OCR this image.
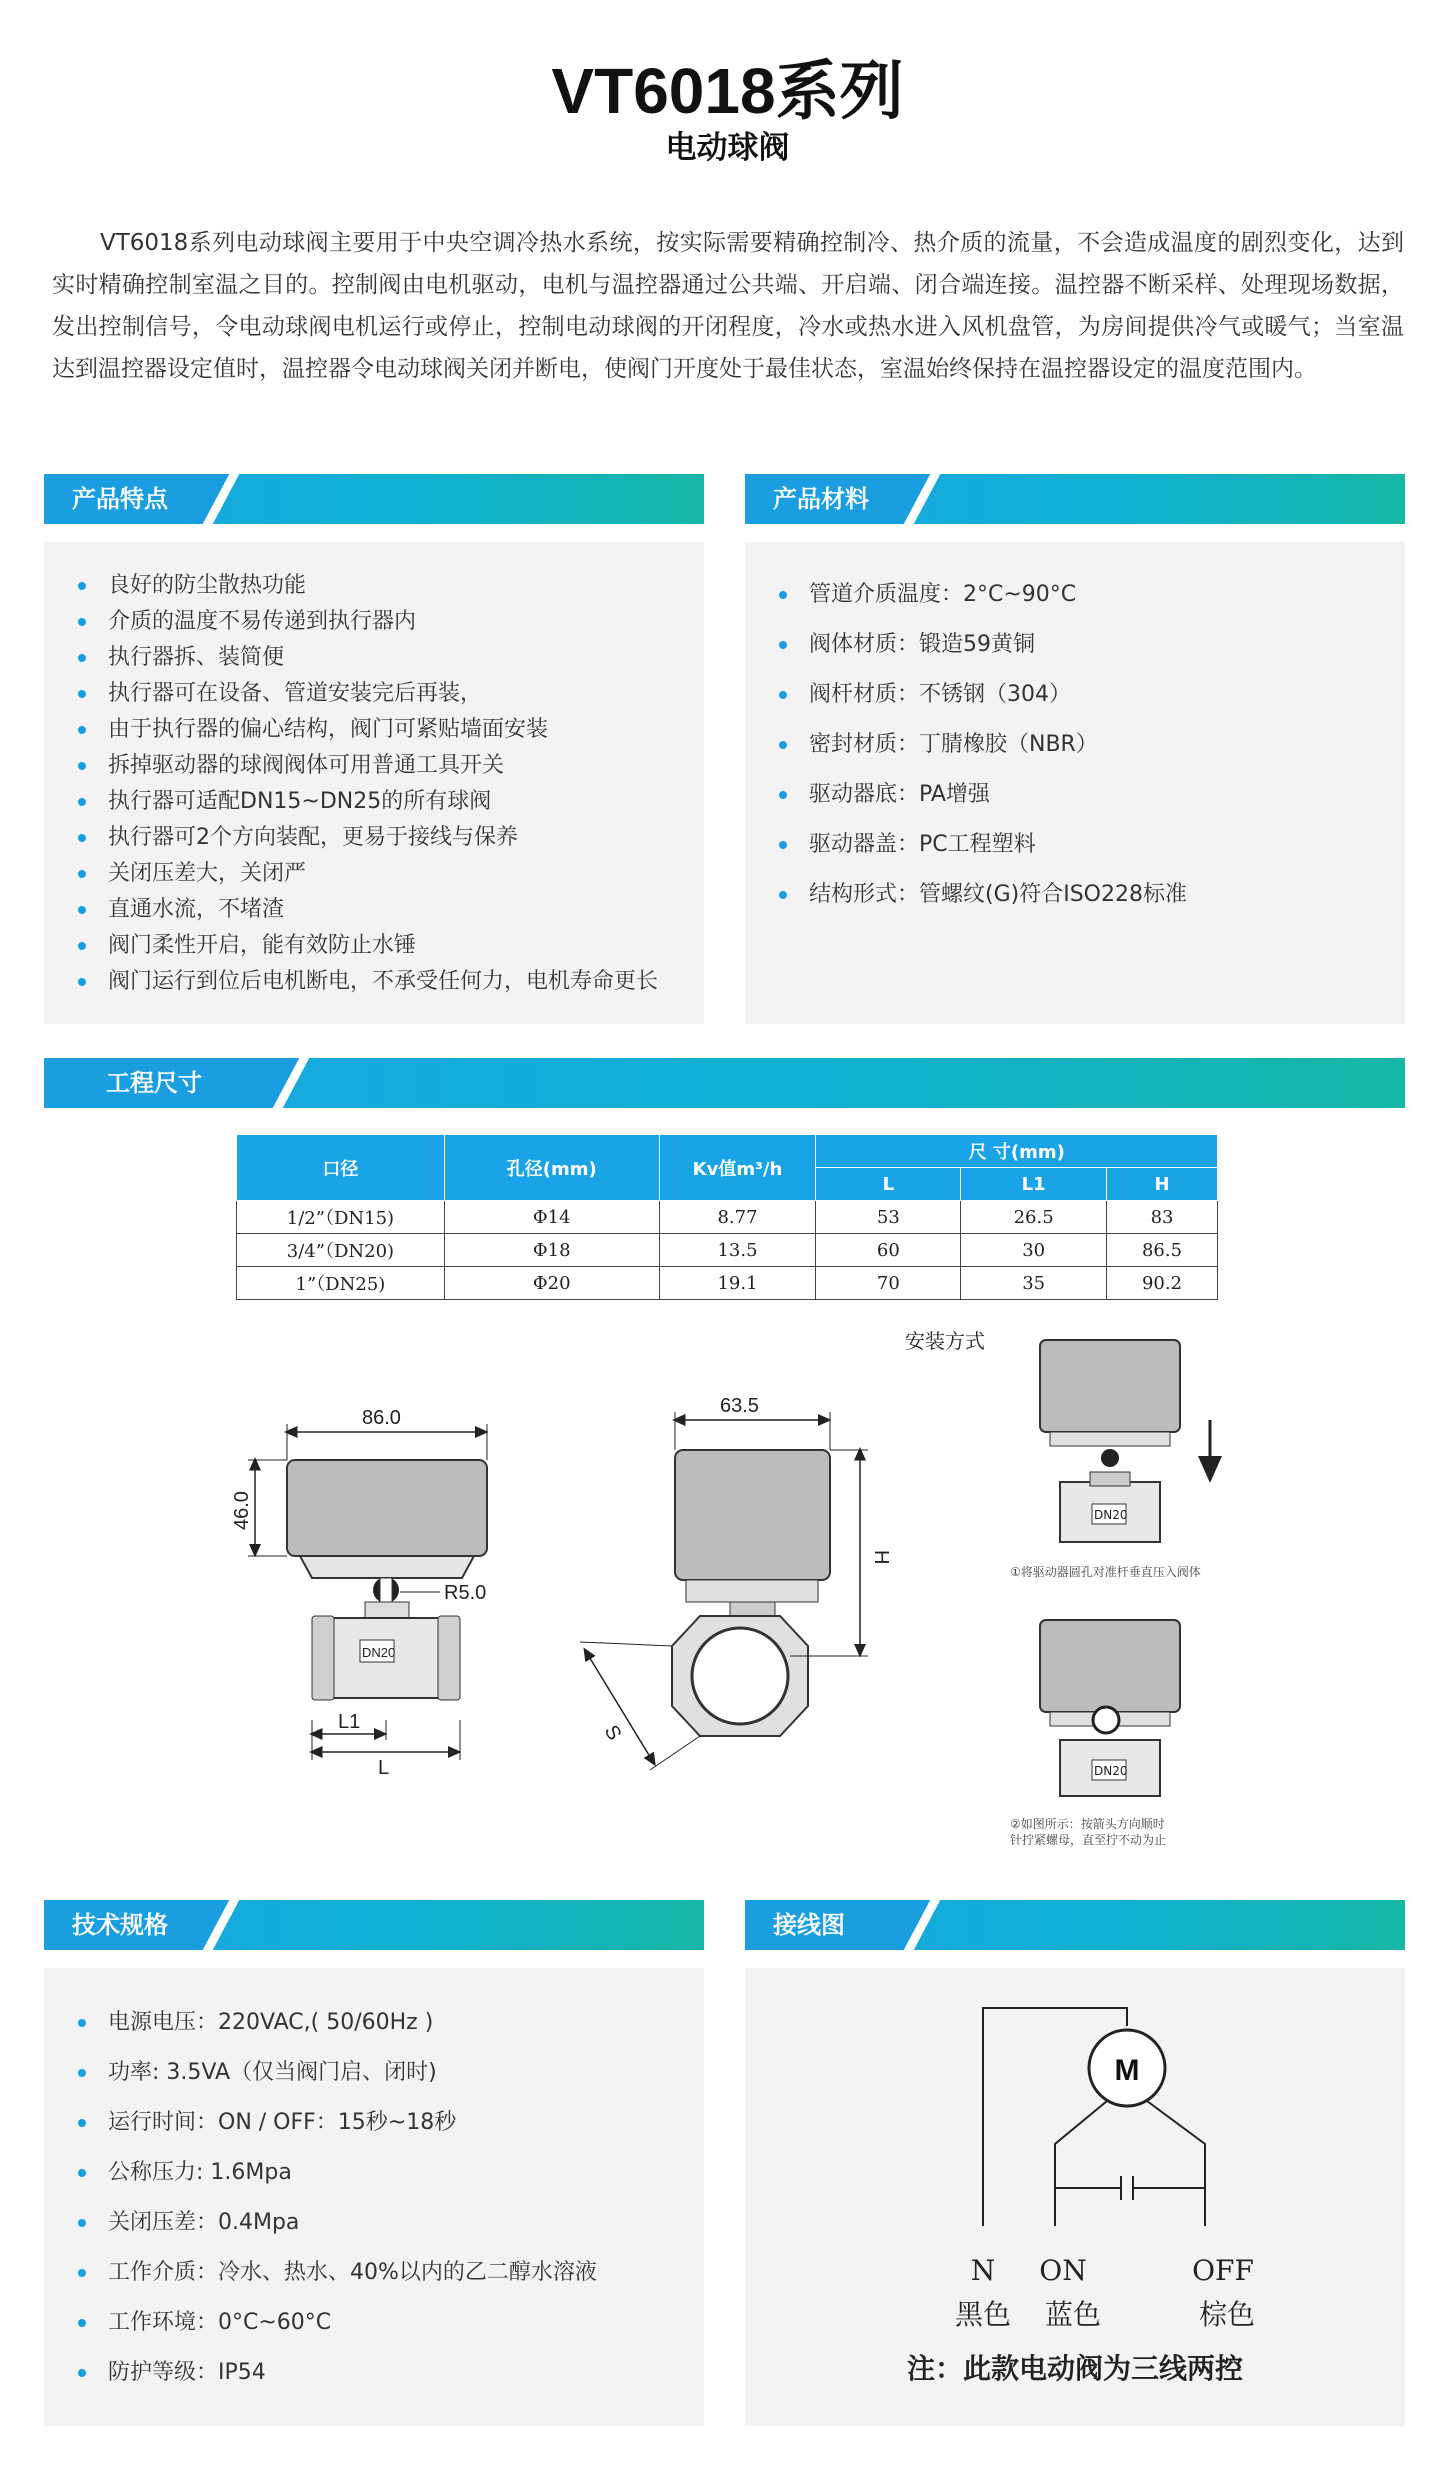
VT6018系列
电动球阀
VT6018系列电动球阀主要用于中央空调冷热水系统，按实际需要精确控制冷、热介质的流量，不会造成温度的剧烈变化，达到实时精确控制室温之目的。控制阀由电机驱动，电机与温控器通过公共端、开启端、闭合端连接。温控器不断采样、处理现场数据，发出控制信号，令电动球阀电机运行或停止，控制电动球阀的开闭程度，冷水或热水进入风机盘管，为房间提供冷气或暖气；当室温达到温控器设定值时，温控器令电动球阀关闭并断电，使阀门开度处于最佳状态，室温始终保持在温控器设定的温度范围内。
产品特点
良好的防尘散热功能
介质的温度不易传递到执行器内
执行器拆、装简便
执行器可在设备、管道安装完后再装，
由于执行器的偏心结构，阀门可紧贴墙面安装
拆掉驱动器的球阀阀体可用普通工具开关
执行器可适配DN15~DN25的所有球阀
执行器可2个方向装配，更易于接线与保养
关闭压差大，关闭严
直通水流，不堵渣
阀门柔性开启，能有效防止水锤
阀门运行到位后电机断电，不承受任何力，电机寿命更长
产品材料
管道介质温度：2°C~90°C
阀体材质：锻造59黄铜
阀杆材质：不锈钢（304）
密封材质：丁腈橡胶（NBR）
驱动器底：PA增强
驱动器盖：PC工程塑料
结构形式：管螺纹(G)符合ISO228标准
工程尺寸
口径	孔径(mm)	Kv值m³/h	尺 寸(mm)		
			L	L1	H
1/2”（DN15)	Φ14	8.77	53	26.5	83
3/4”（DN20)	Φ18	13.5	60	30	86.5
1”（DN25)	Φ20	19.1	70	35	90.2
DN20
86.0
46.0
R5.0
L1
L
63.5
H
S
安装方式
DN20
①将驱动器圆孔对准杆垂直压入阀体
DN20
②如图所示：按箭头方向顺时
针拧紧螺母，直至拧不动为止
技术规格
电源电压：220VAC,( 50/60Hz )
功率: 3.5VA（仅当阀门启、闭时)
运行时间：ON / OFF：15秒~18秒
公称压力: 1.6Mpa
关闭压差：0.4Mpa
工作介质：冷水、热水、40%以内的乙二醇水溶液
工作环境：0°C~60°C
防护等级：IP54
接线图
M
N ON	OFF
黑色 蓝色	棕色
注：此款电动阀为三线两控
